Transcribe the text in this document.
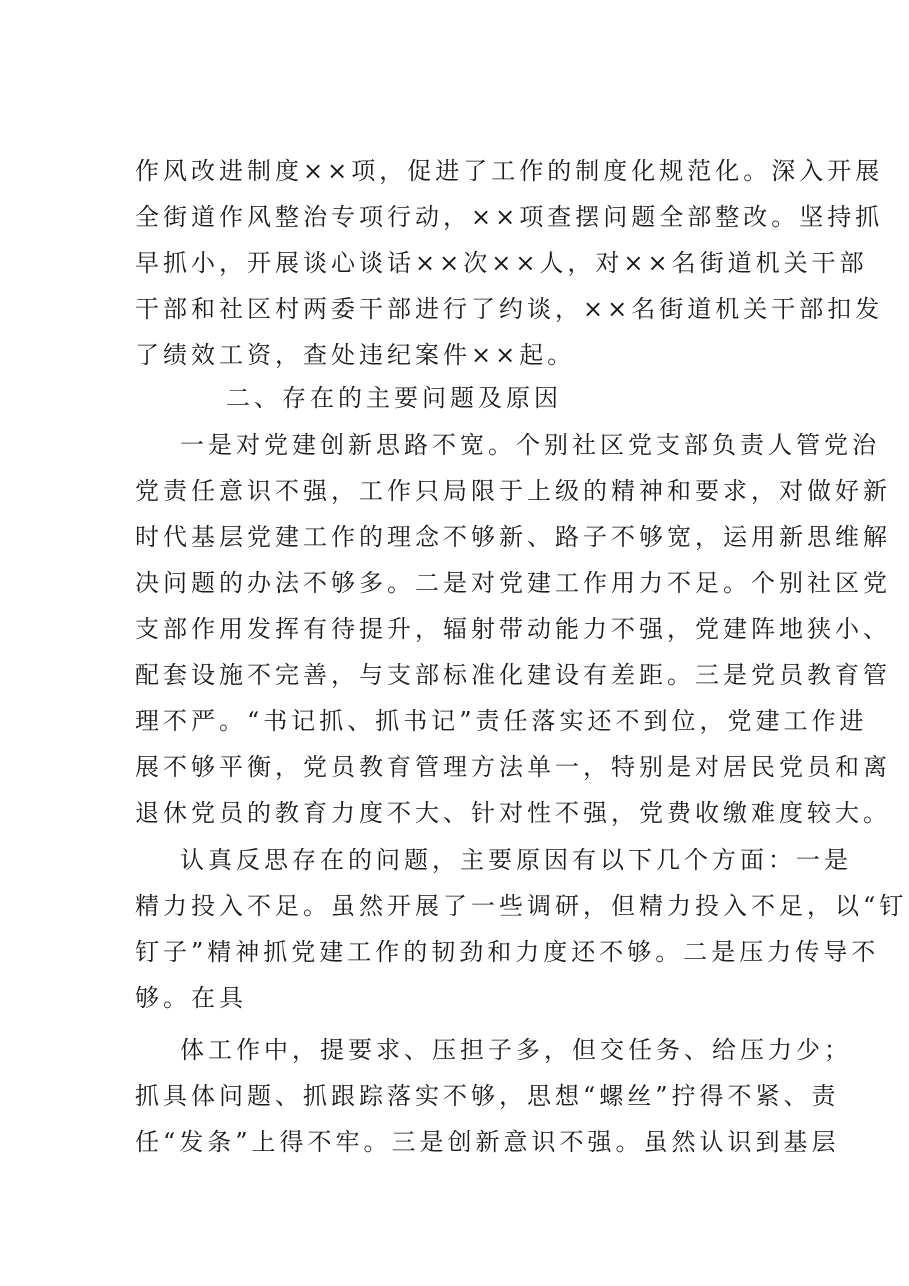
作风改进制度××项，促进了工作的制度化规范化。深入开展
全街道作风整治专项行动，××项查摆问题全部整改。坚持抓
早抓小，开展谈心谈话××次××人，对××名街道机关干部
干部和社区村两委干部进行了约谈，××名街道机关干部扣发
了绩效工资，查处违纪案件××起。
二、存在的主要问题及原因
一是对党建创新思路不宽。个别社区党支部负责人管党治
党责任意识不强，工作只局限于上级的精神和要求，对做好新
时代基层党建工作的理念不够新、路子不够宽，运用新思维解
决问题的办法不够多。二是对党建工作用力不足。个别社区党
支部作用发挥有待提升，辐射带动能力不强，党建阵地狭小、
配套设施不完善，与支部标准化建设有差距。三是党员教育管
理不严。“书记抓、抓书记”责任落实还不到位，党建工作进
展不够平衡，党员教育管理方法单一，特别是对居民党员和离
退休党员的教育力度不大、针对性不强，党费收缴难度较大。
认真反思存在的问题，主要原因有以下几个方面：一是
精力投入不足。虽然开展了一些调研，但精力投入不足，以“钉
钉子”精神抓党建工作的韧劲和力度还不够。二是压力传导不
够。在具
体工作中，提要求、压担子多，但交任务、给压力少；
抓具体问题、抓跟踪落实不够，思想“螺丝”拧得不紧、责
任“发条”上得不牢。三是创新意识不强。虽然认识到基层
